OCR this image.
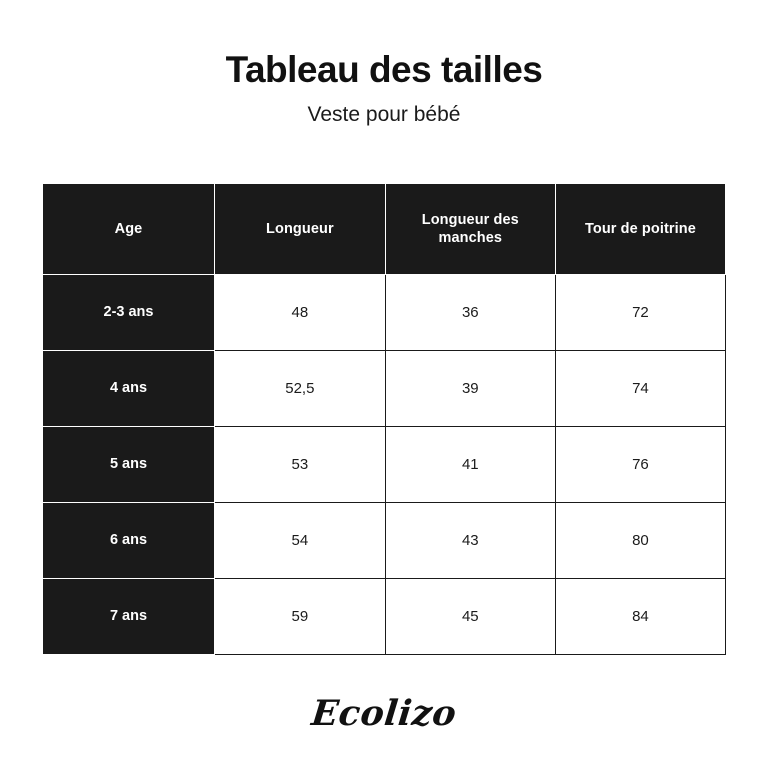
Tableau des tailles
Veste pour bébé
Age	Longueur	Longueur des manches	Tour de poitrine
2-3 ans	48	36	72
4 ans	52,5	39	74
5 ans	53	41	76
6 ans	54	43	80
7 ans	59	45	84
Ecolizo
